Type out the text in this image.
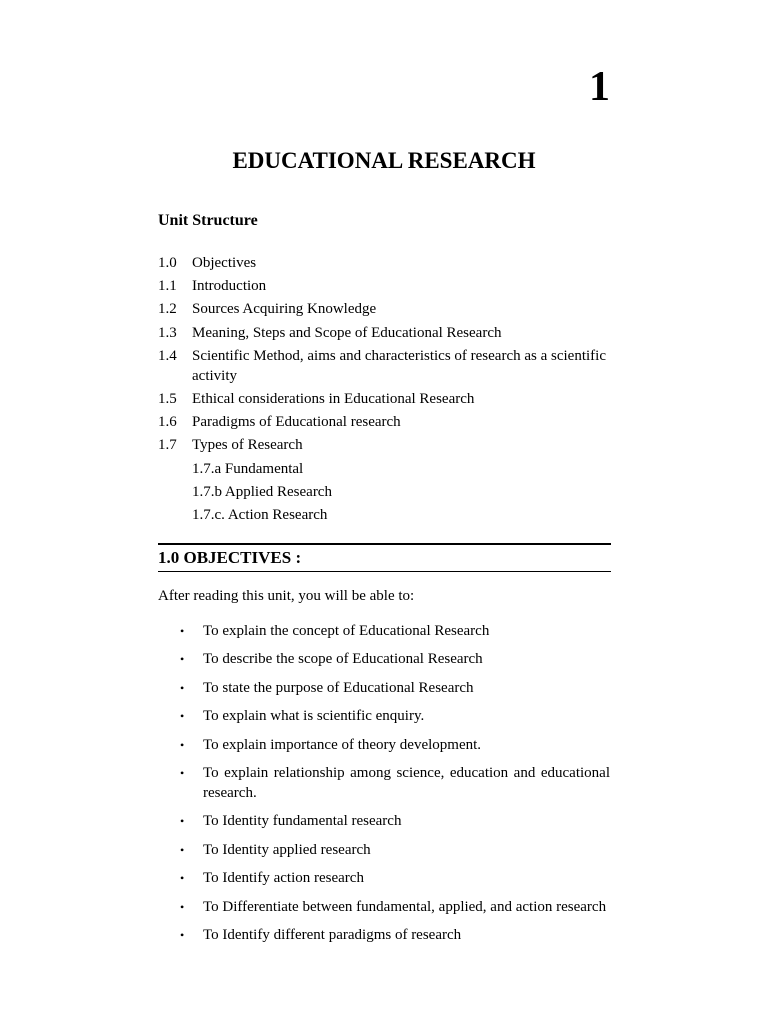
1
EDUCATIONAL RESEARCH
Unit Structure
1.0	Objectives
1.1	Introduction
1.2	Sources Acquiring Knowledge
1.3	Meaning, Steps and Scope of Educational Research
1.4	Scientific Method, aims and characteristics of research as a scientific activity
1.5	Ethical considerations in Educational Research
1.6	Paradigms of Educational research
1.7	Types of Research
1.7.a Fundamental
1.7.b Applied Research
1.7.c. Action Research
1.0 OBJECTIVES :
After reading this unit, you will be able to:
•	To explain the concept of Educational Research
•	To describe the scope of Educational Research
•	To state the purpose of Educational Research
•	To explain what is scientific enquiry.
•	To explain importance of theory development.
•	To explain relationship among science, education and educational research.
•	To Identity fundamental research
•	To Identity applied research
•	To Identify action research
•	To Differentiate between fundamental, applied, and action research
•	To Identify different paradigms of research
